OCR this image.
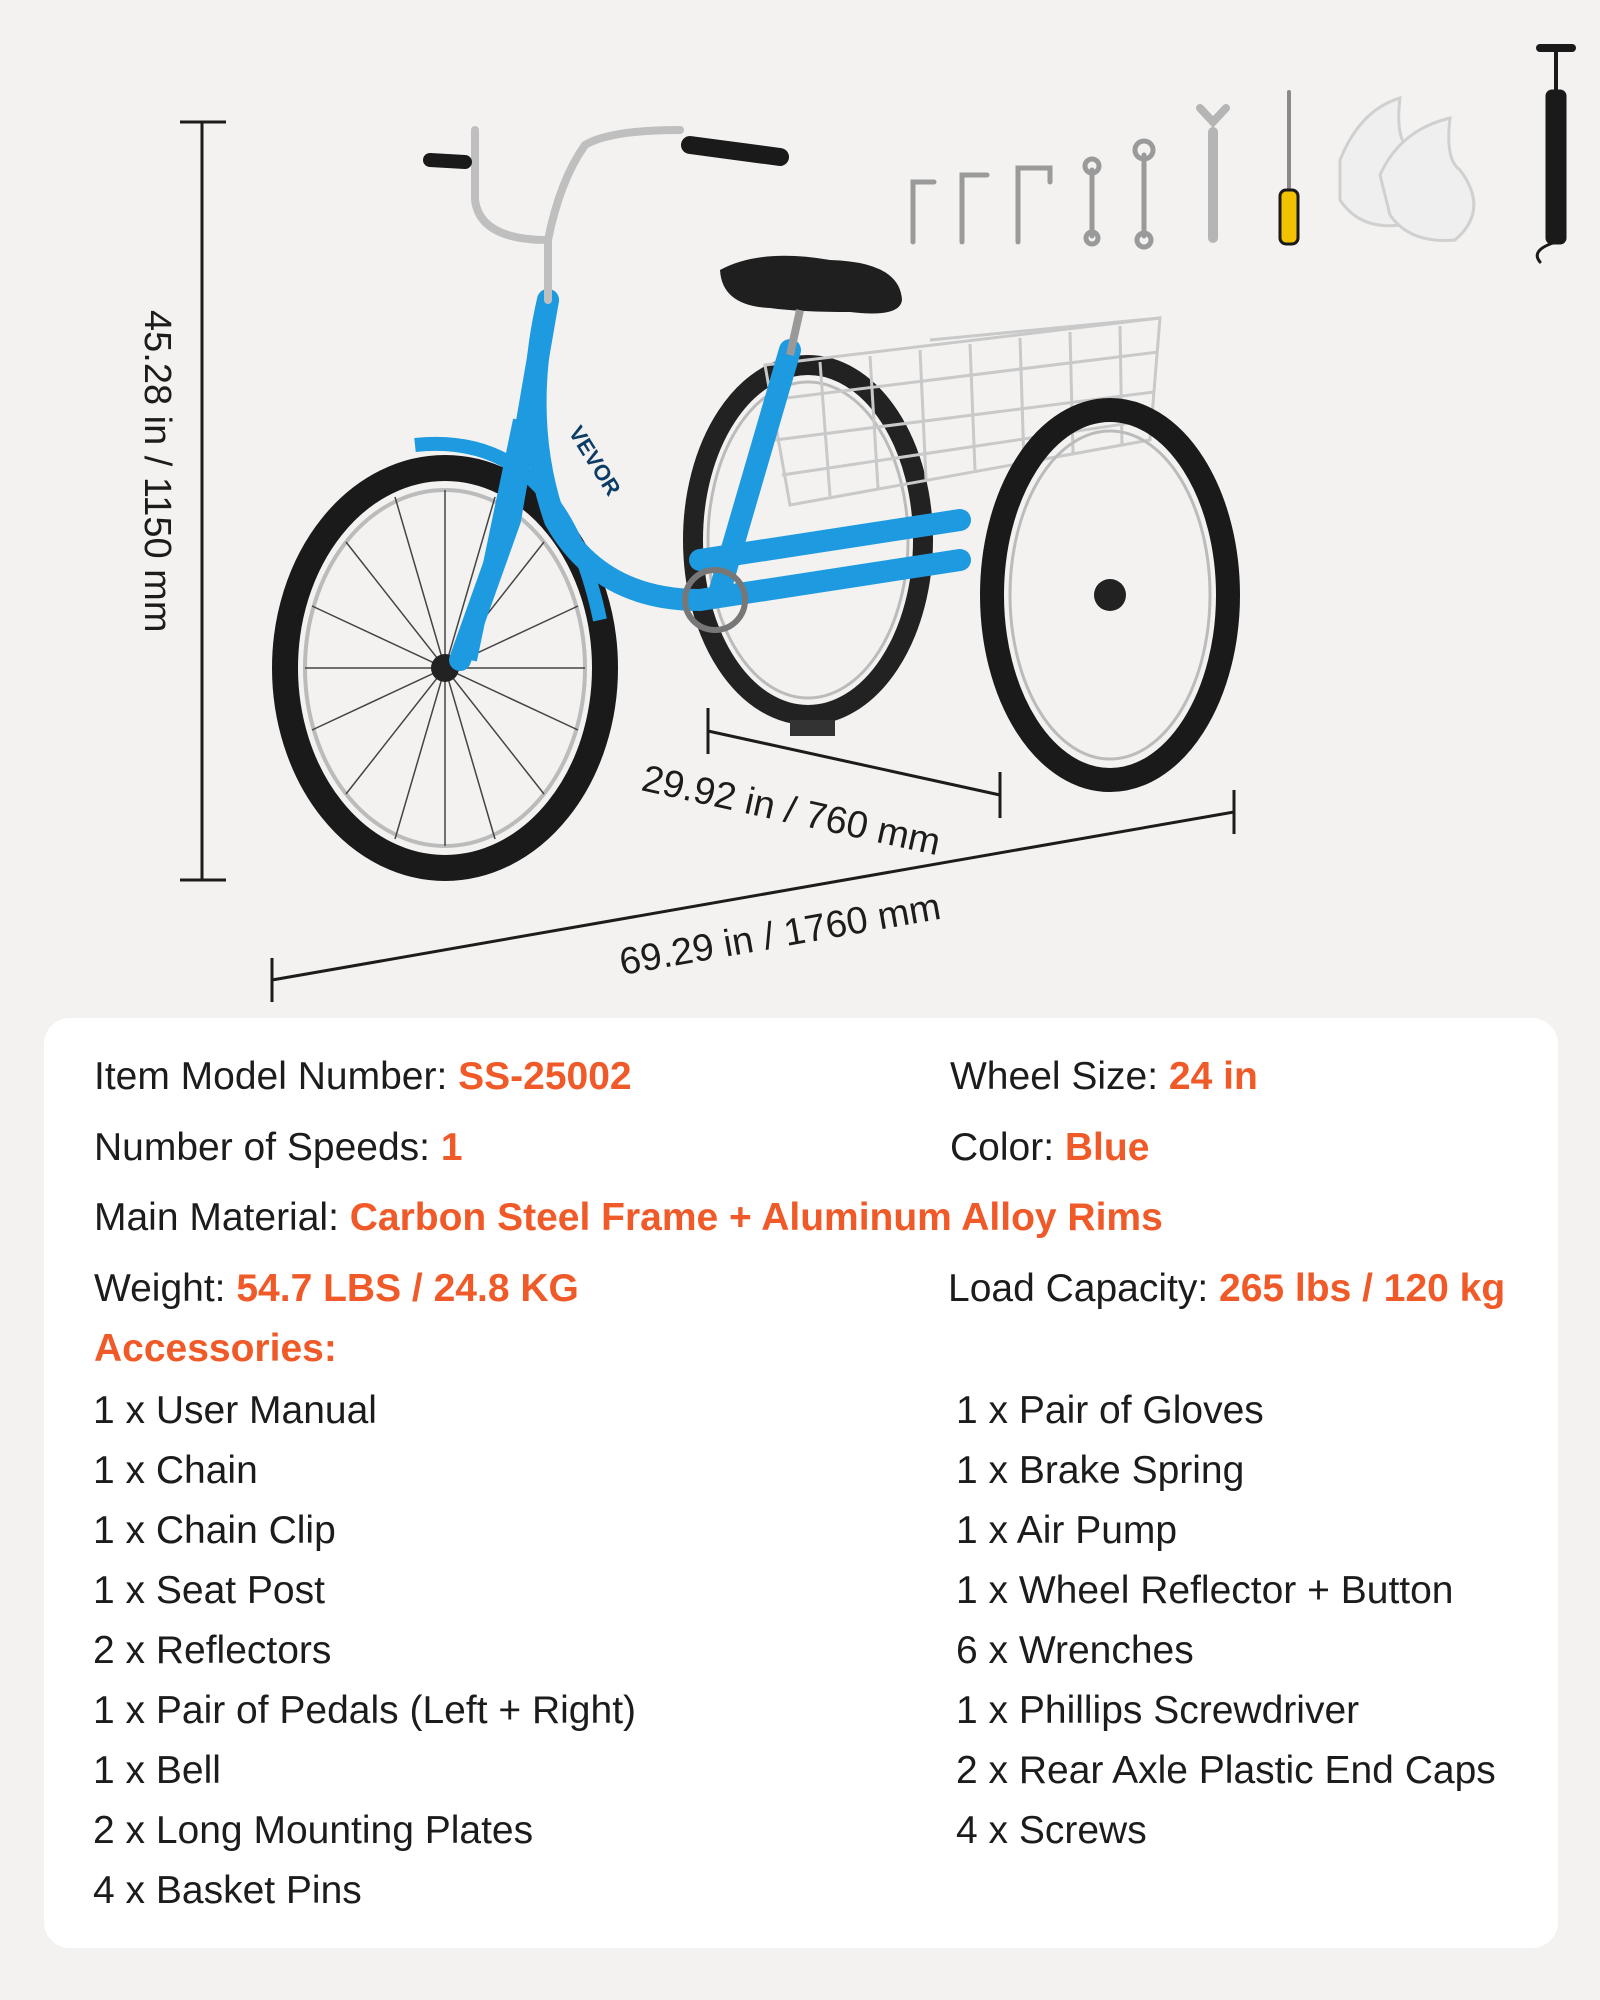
45.28 in / 1150 mm
29.92 in / 760 mm
69.29 in / 1760 mm
VEVOR
Item Model Number: SS-25002	Wheel Size: 24 in
Number of Speeds: 1	Color: Blue
Main Material: Carbon Steel Frame + Aluminum Alloy Rims
Weight: 54.7 LBS / 24.8 KG	Load Capacity: 265 lbs / 120 kg
Accessories:
1 x User Manual
1 x Chain
1 x Chain Clip
1 x Seat Post
2 x Reflectors
1 x Pair of Pedals (Left + Right)
1 x Bell
2 x Long Mounting Plates
4 x Basket Pins
1 x Pair of Gloves
1 x Brake Spring
1 x Air Pump
1 x Wheel Reflector + Button
6 x Wrenches
1 x Phillips Screwdriver
2 x Rear Axle Plastic End Caps
4 x Screws
